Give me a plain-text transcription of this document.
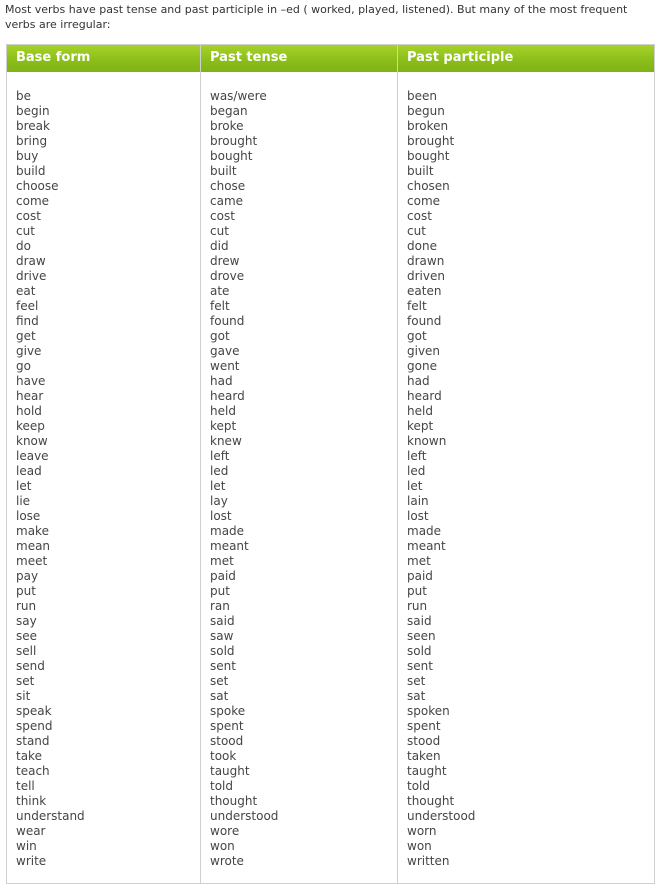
Most verbs have past tense and past participle in –ed ( worked, played, listened). But many of the most frequent verbs are irregular:
Base form	Past tense	Past participle
be
begin
break
bring
buy
build
choose
come
cost
cut
do
draw
drive
eat
feel
find
get
give
go
have
hear
hold
keep
know
leave
lead
let
lie
lose
make
mean
meet
pay
put
run
say
see
sell
send
set
sit
speak
spend
stand
take
teach
tell
think
understand
wear
win
write
was/were
began
broke
brought
bought
built
chose
came
cost
cut
did
drew
drove
ate
felt
found
got
gave
went
had
heard
held
kept
knew
left
led
let
lay
lost
made
meant
met
paid
put
ran
said
saw
sold
sent
set
sat
spoke
spent
stood
took
taught
told
thought
understood
wore
won
wrote
been
begun
broken
brought
bought
built
chosen
come
cost
cut
done
drawn
driven
eaten
felt
found
got
given
gone
had
heard
held
kept
known
left
led
let
lain
lost
made
meant
met
paid
put
run
said
seen
sold
sent
set
sat
spoken
spent
stood
taken
taught
told
thought
understood
worn
won
written
